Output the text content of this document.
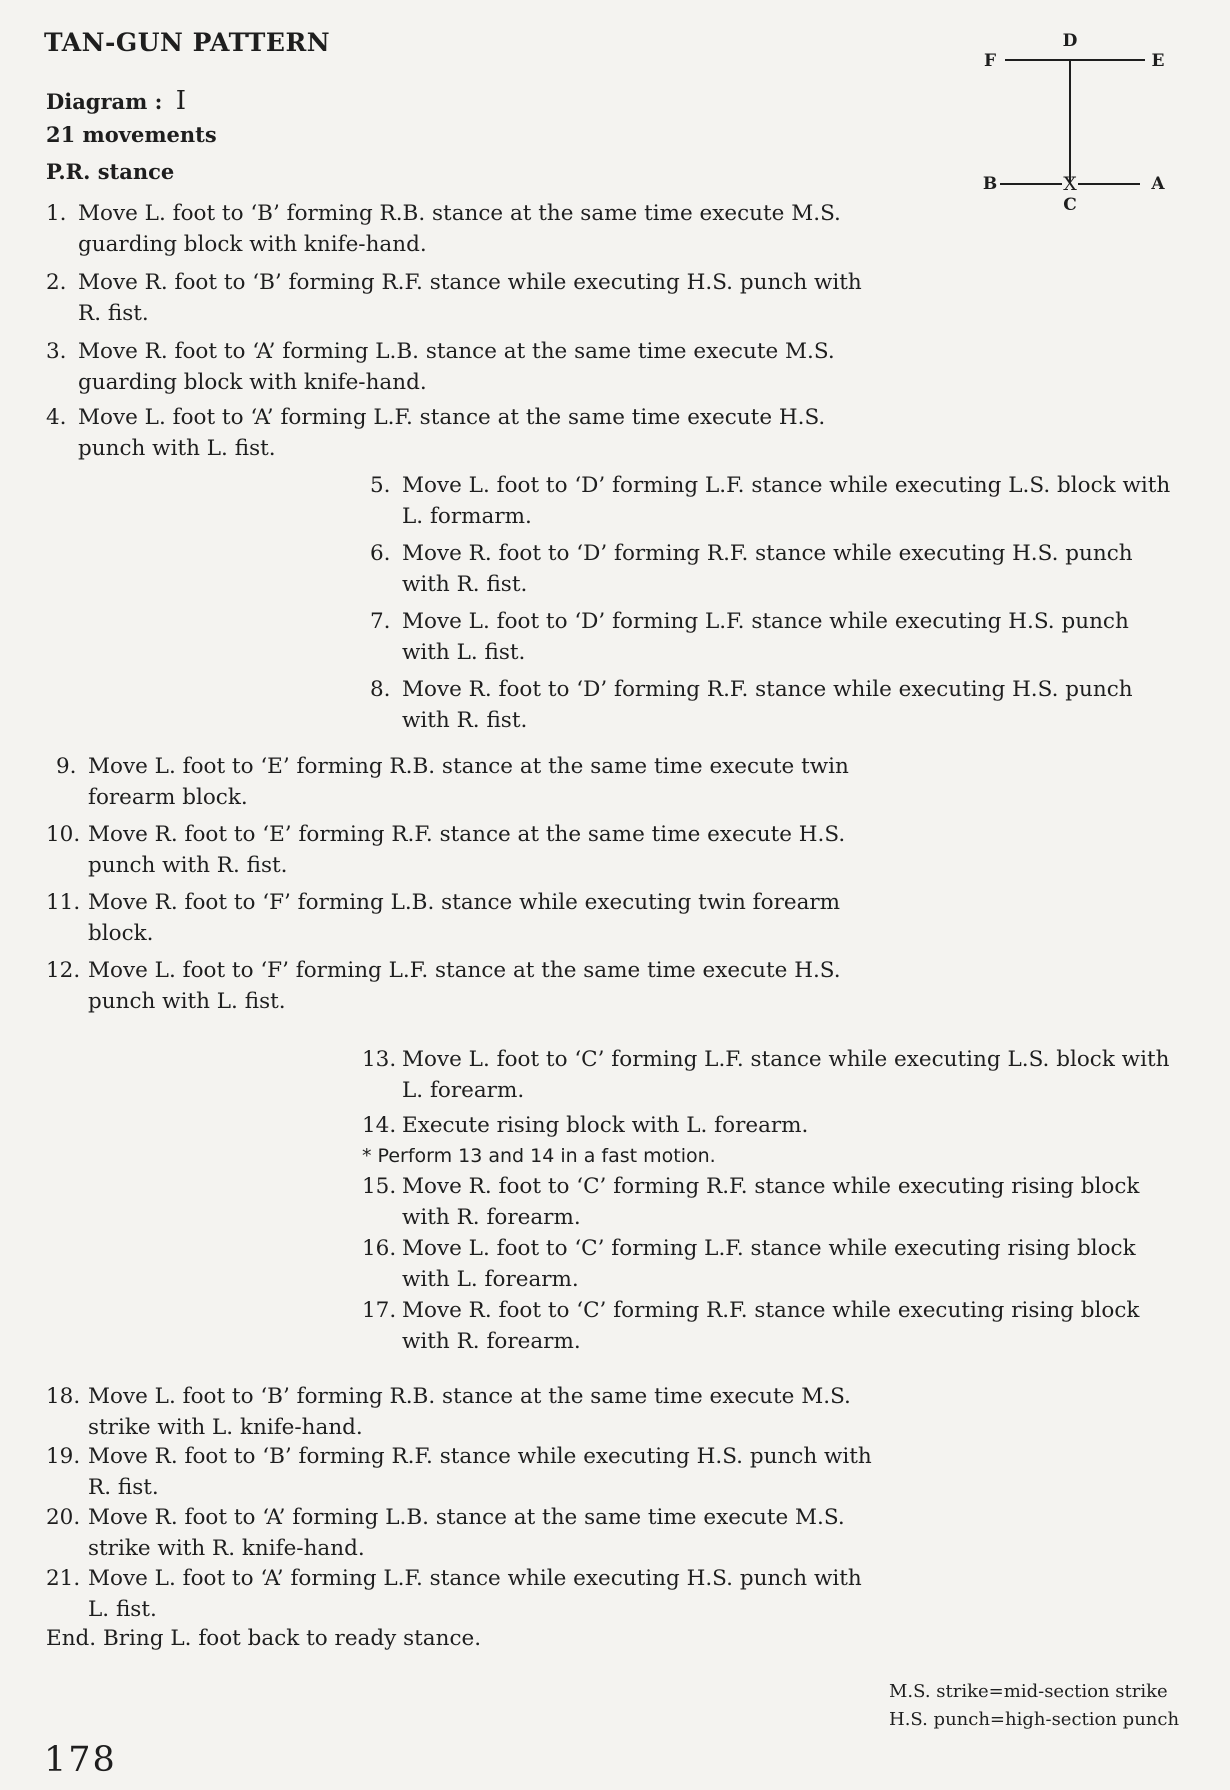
TAN-GUN PATTERN
Diagram : I
21 movements
P.R. stance
D
F	E
B	X	A
C
1. Move L. foot to ‘B’ forming R.B. stance at the same time execute M.S. guarding block with knife-hand.
2. Move R. foot to ‘B’ forming R.F. stance while executing H.S. punch with R. fist.
3. Move R. foot to ‘A’ forming L.B. stance at the same time execute M.S. guarding block with knife-hand.
4. Move L. foot to ‘A’ forming L.F. stance at the same time execute H.S. punch with L. fist.
5. Move L. foot to ‘D’ forming L.F. stance while executing L.S. block with L. formarm.
6. Move R. foot to ‘D’ forming R.F. stance while executing H.S. punch with R. fist.
7. Move L. foot to ‘D’ forming L.F. stance while executing H.S. punch with L. fist.
8. Move R. foot to ‘D’ forming R.F. stance while executing H.S. punch with R. fist.
9. Move L. foot to ‘E’ forming R.B. stance at the same time execute twin forearm block.
10. Move R. foot to ‘E’ forming R.F. stance at the same time execute H.S. punch with R. fist.
11. Move R. foot to ‘F’ forming L.B. stance while executing twin forearm block.
12. Move L. foot to ‘F’ forming L.F. stance at the same time execute H.S. punch with L. fist.
13. Move L. foot to ‘C’ forming L.F. stance while executing L.S. block with L. forearm.
14. Execute rising block with L. forearm.
* Perform 13 and 14 in a fast motion.
15. Move R. foot to ‘C’ forming R.F. stance while executing rising block with R. forearm.
16. Move L. foot to ‘C’ forming L.F. stance while executing rising block with L. forearm.
17. Move R. foot to ‘C’ forming R.F. stance while executing rising block with R. forearm.
18. Move L. foot to ‘B’ forming R.B. stance at the same time execute M.S. strike with L. knife-hand.
19. Move R. foot to ‘B’ forming R.F. stance while executing H.S. punch with R. fist.
20. Move R. foot to ‘A’ forming L.B. stance at the same time execute M.S. strike with R. knife-hand.
21. Move L. foot to ‘A’ forming L.F. stance while executing H.S. punch with L. fist.
End. Bring L. foot back to ready stance.
M.S. strike=mid-section strike
H.S. punch=high-section punch
178
